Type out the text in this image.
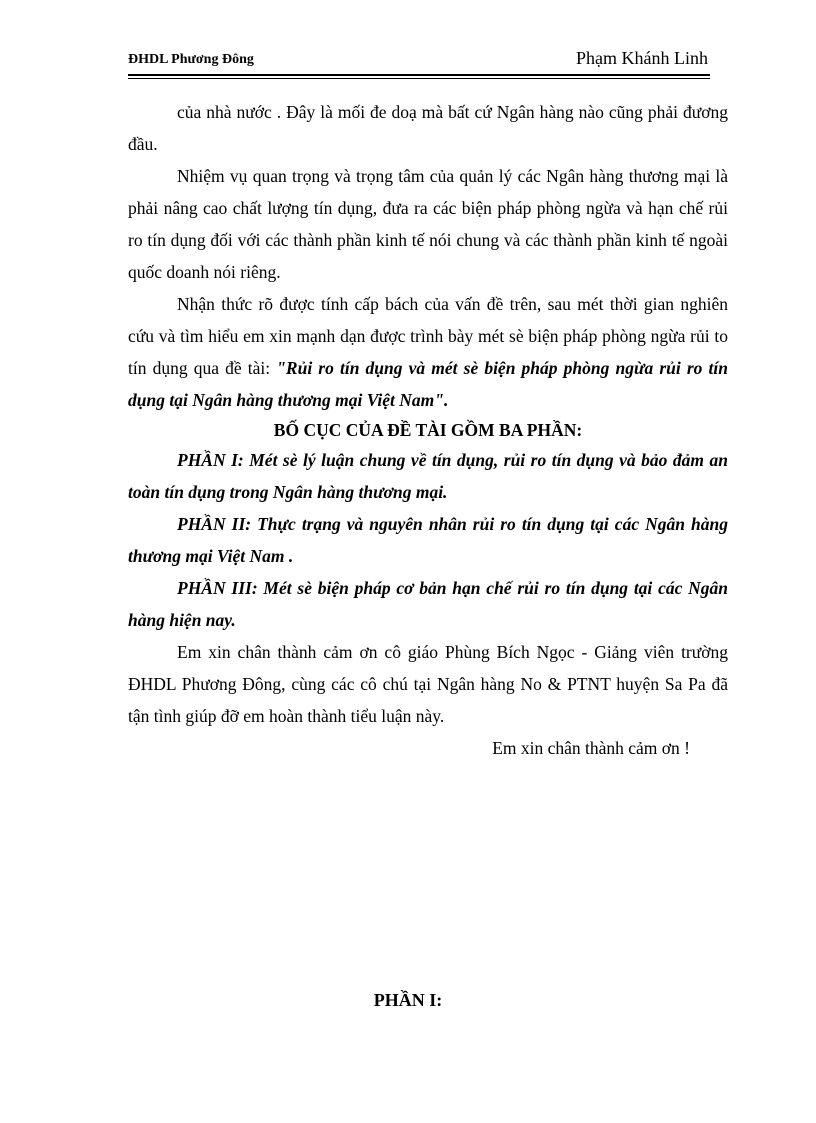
ĐHDL Phương Đông	Phạm Khánh Linh

của nhà nước . Đây là mối đe doạ mà bất cứ Ngân hàng nào cũng phải đương đầu.

Nhiệm vụ quan trọng và trọng tâm của quản lý các Ngân hàng thương mại là phải nâng cao chất lượng tín dụng, đưa ra các biện pháp phòng ngừa và hạn chế rủi ro tín dụng đối với các thành phần kinh tế nói chung và các thành phần kinh tế ngoài quốc doanh nói riêng.

Nhận thức rõ được tính cấp bách của vấn đề trên, sau mét thời gian nghiên cứu và tìm hiểu em xin mạnh dạn được trình bày mét sè biện pháp phòng ngừa rủi to tín dụng qua đề tài: "Rủi ro tín dụng và mét sè biện pháp phòng ngừa rủi ro tín dụng tại Ngân hàng thương mại Việt Nam".

BỐ CỤC CỦA ĐỀ TÀI GỒM BA PHẦN:

PHẦN I: Mét sè lý luận chung về tín dụng, rủi ro tín dụng và bảo đảm an toàn tín dụng trong Ngân hàng thương mại.

PHẦN II: Thực trạng và nguyên nhân rủi ro tín dụng tại các Ngân hàng thương mại Việt Nam .

PHẦN III: Mét sè biện pháp cơ bản hạn chế rủi ro tín dụng tại các Ngân hàng hiện nay.

Em xin chân thành cảm ơn cô giáo Phùng Bích Ngọc - Giảng viên trường ĐHDL Phương Đông, cùng các cô chú tại Ngân hàng No & PTNT huyện Sa Pa đã tận tình giúp đỡ em hoàn thành tiểu luận này.

Em xin chân thành cảm ơn !

PHẦN I:
